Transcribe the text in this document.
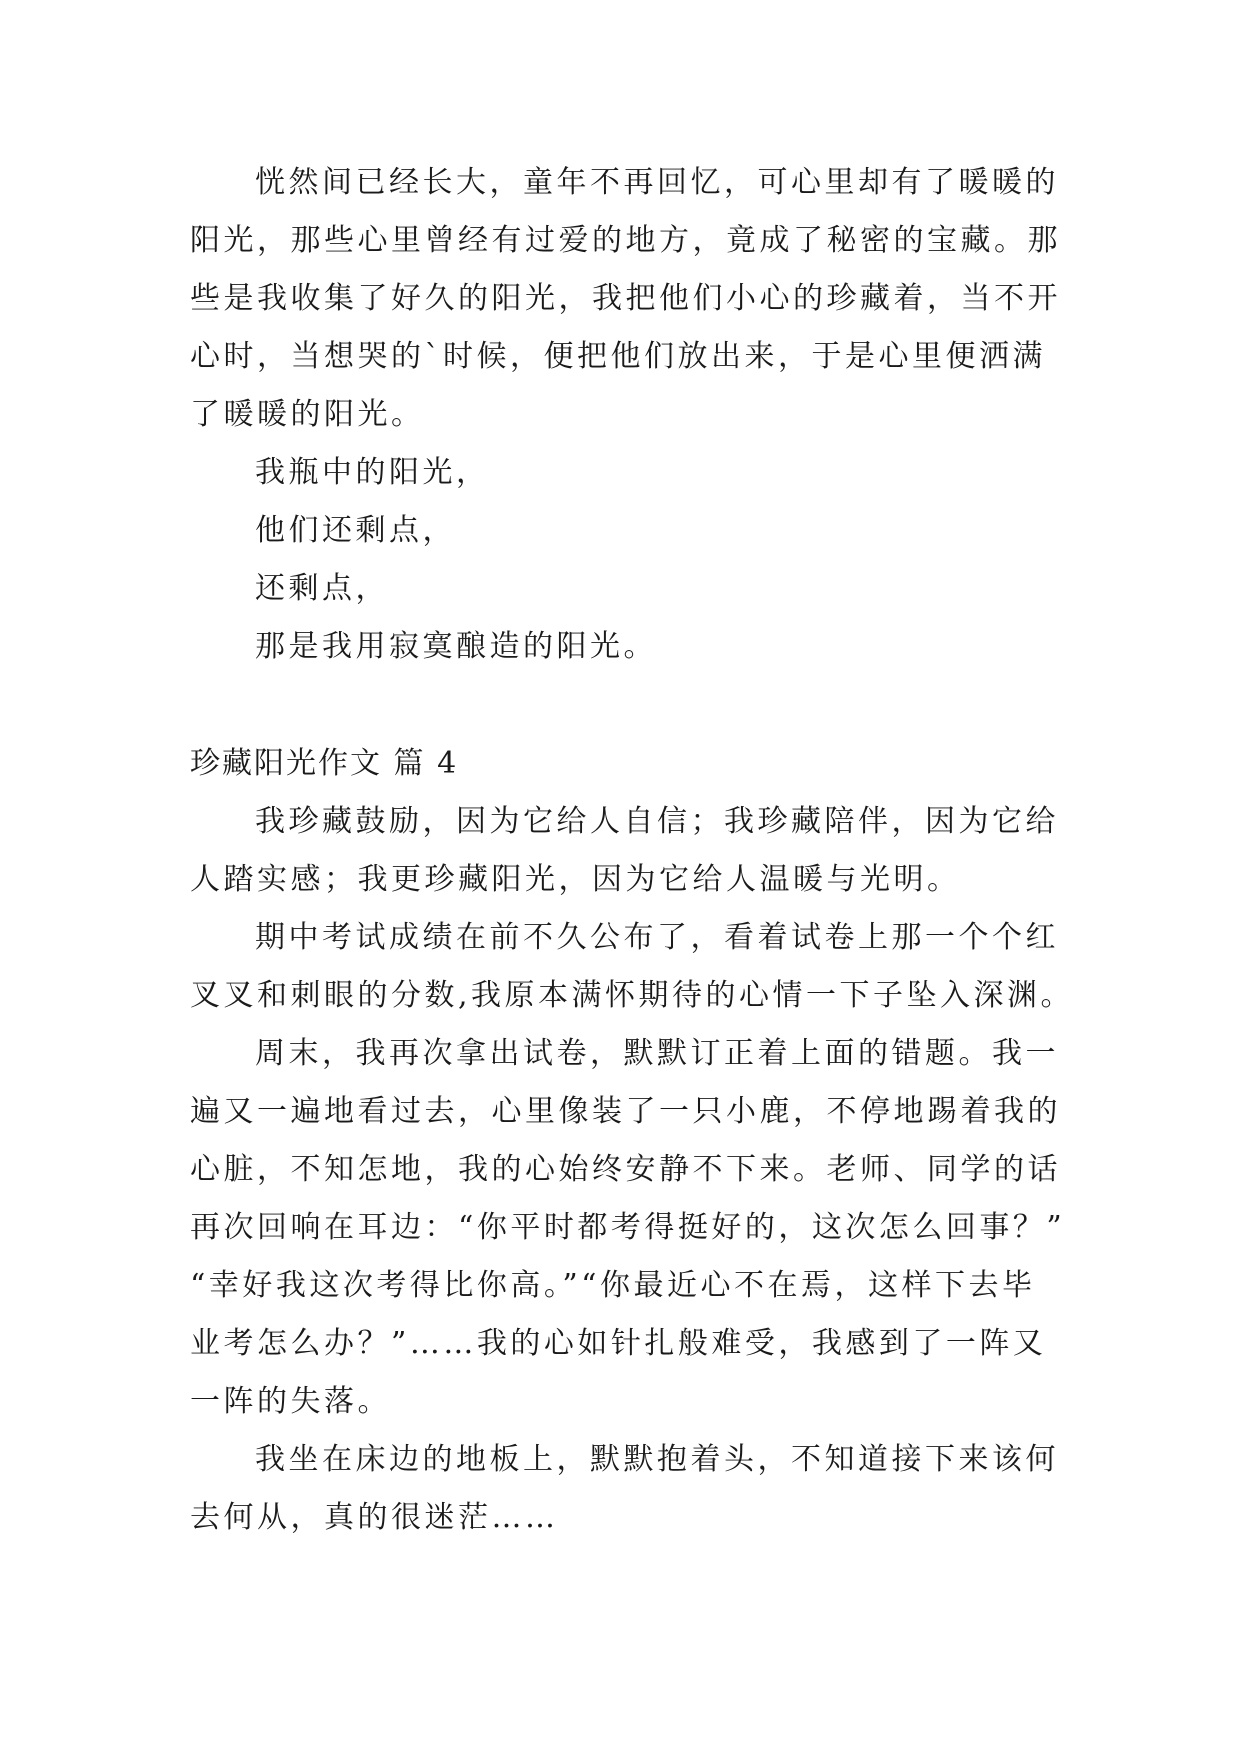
恍然间已经长大，童年不再回忆，可心里却有了暖暖的
阳光，那些心里曾经有过爱的地方，竟成了秘密的宝藏。那
些是我收集了好久的阳光，我把他们小心的珍藏着，当不开
心时，当想哭的`时候，便把他们放出来，于是心里便洒满
了暖暖的阳光。
我瓶中的阳光，
他们还剩点，
还剩点，
那是我用寂寞酿造的阳光。
珍藏阳光作文 篇 4
我珍藏鼓励，因为它给人自信；我珍藏陪伴，因为它给
人踏实感；我更珍藏阳光，因为它给人温暖与光明。
期中考试成绩在前不久公布了，看着试卷上那一个个红
叉叉和刺眼的分数,我原本满怀期待的心情一下子坠入深渊。
周末，我再次拿出试卷，默默订正着上面的错题。我一
遍又一遍地看过去，心里像装了一只小鹿，不停地踢着我的
心脏，不知怎地，我的心始终安静不下来。老师、同学的话
再次回响在耳边：“你平时都考得挺好的，这次怎么回事？”
“幸好我这次考得比你高。”“你最近心不在焉，这样下去毕
业考怎么办？”……我的心如针扎般难受，我感到了一阵又
一阵的失落。
我坐在床边的地板上，默默抱着头，不知道接下来该何
去何从，真的很迷茫……
